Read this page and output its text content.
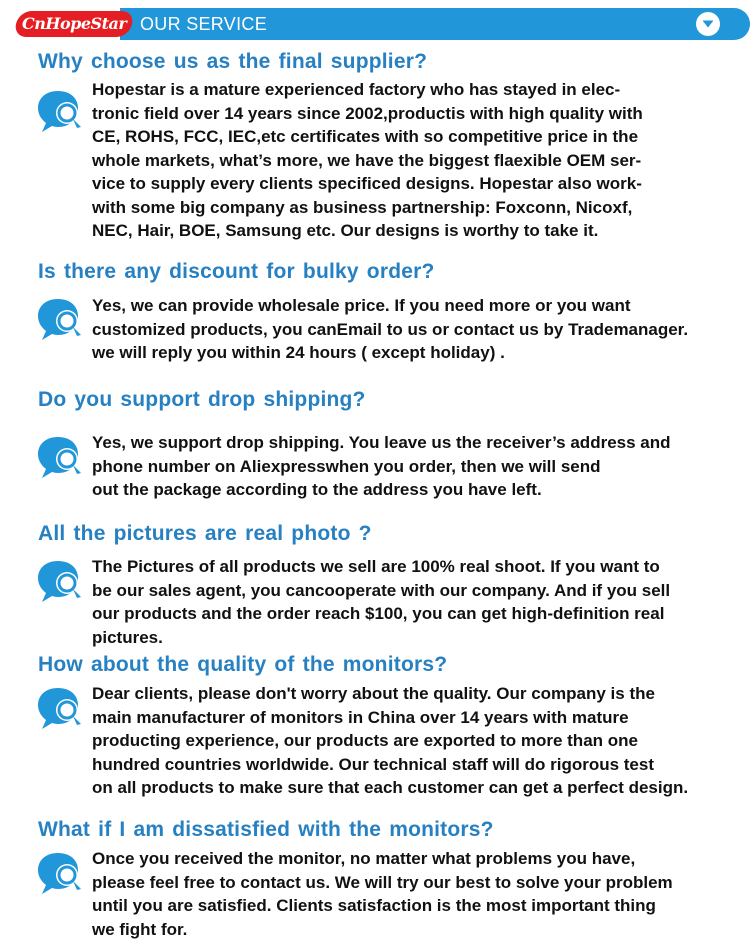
CnHopeStar OUR SERVICE
Why choose us as the final supplier?
Hopestar is a mature experienced factory who has stayed in elec-
tronic field over 14 years since 2002,productis with high quality with
CE, ROHS, FCC, IEC,etc certificates with so competitive price in the
whole markets, what’s more, we have the biggest flaexible OEM ser-
vice to supply every clients specificed designs. Hopestar also work-
with some big company as business partnership: Foxconn, Nicoxf,
NEC, Hair, BOE, Samsung etc. Our designs is worthy to take it.
Is there any discount for bulky order?
Yes, we can provide wholesale price. If you need more or you want
customized products, you canEmail to us or contact us by Trademanager.
we will reply you within 24 hours ( except holiday) .
Do you support drop shipping?
Yes, we support drop shipping. You leave us the receiver’s address and
phone number on Aliexpresswhen you order, then we will send
out the package according to the address you have left.
All the pictures are real photo ?
The Pictures of all products we sell are 100% real shoot. If you want to
be our sales agent, you cancooperate with our company. And if you sell
our products and the order reach $100, you can get high-definition real
pictures.
How about the quality of the monitors?
Dear clients, please don't worry about the quality. Our company is the
main manufacturer of monitors in China over 14 years with mature
producting experience, our products are exported to more than one
hundred countries worldwide. Our technical staff will do rigorous test
on all products to make sure that each customer can get a perfect design.
What if I am dissatisfied with the monitors?
Once you received the monitor, no matter what problems you have,
please feel free to contact us. We will try our best to solve your problem
until you are satisfied. Clients satisfaction is the most important thing
we fight for.
